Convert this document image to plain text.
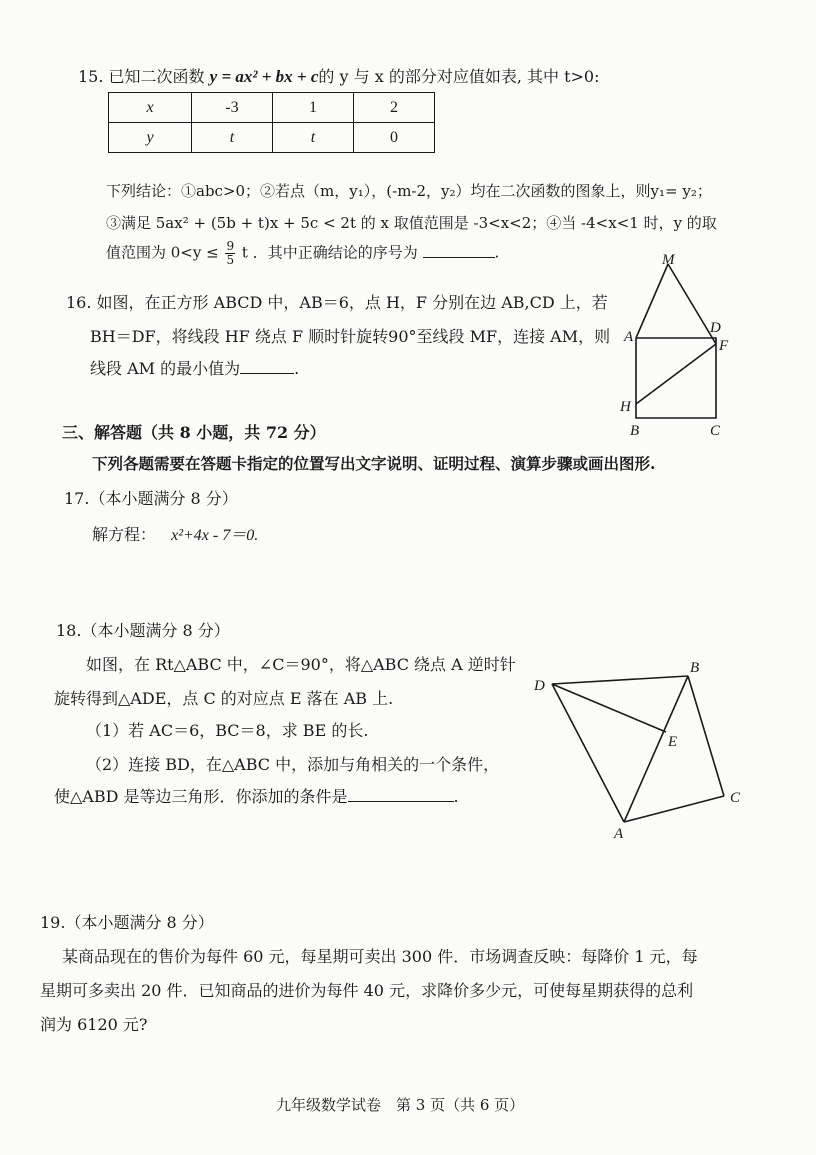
15. 已知二次函数 y = ax² + bx + c的 y 与 x 的部分对应值如表, 其中 t>0:
x	-3	1	2
y	t	t	0
下列结论：①abc>0；②若点（m，y₁），(-m-2，y₂）均在二次函数的图象上，则y₁= y₂；
③满足 5ax² + (5b + t)x + 5c < 2t 的 x 取值范围是 -3<x<2；④当 -4<x<1 时，y 的取
值范围为 $0<y \le \frac{9}{5}$ t ．其中正确结论的序号为	.
16. 如图，在正方形 ABCD 中，AB＝6，点 H，F 分别在边 AB,CD 上，若
BH＝DF，将线段 HF 绕点 F 顺时针旋转90°至线段 MF，连接 AM，则
线段 AM 的最小值为	.
M
A
D
F
H
B	C
三、解答题（共 8 小题，共 72 分）
下列各题需要在答题卡指定的位置写出文字说明、证明过程、演算步骤或画出图形.
17.（本小题满分 8 分）
解方程： x²+4x - 7＝0.
18.（本小题满分 8 分）
如图，在 Rt△ABC 中，∠C＝90°，将△ABC 绕点 A 逆时针
旋转得到△ADE，点 C 的对应点 E 落在 AB 上.
（1）若 AC＝6，BC＝8，求 BE 的长.
（2）连接 BD，在△ABC 中，添加与角相关的一个条件，
使△ABD 是等边三角形．你添加的条件是	.
B
D
E
C
A
19.（本小题满分 8 分）
某商品现在的售价为每件 60 元，每星期可卖出 300 件．市场调查反映：每降价 1 元，每
星期可多卖出 20 件．已知商品的进价为每件 40 元，求降价多少元，可使每星期获得的总利
润为 6120 元?
九年级数学试卷　第 3 页（共 6 页）
